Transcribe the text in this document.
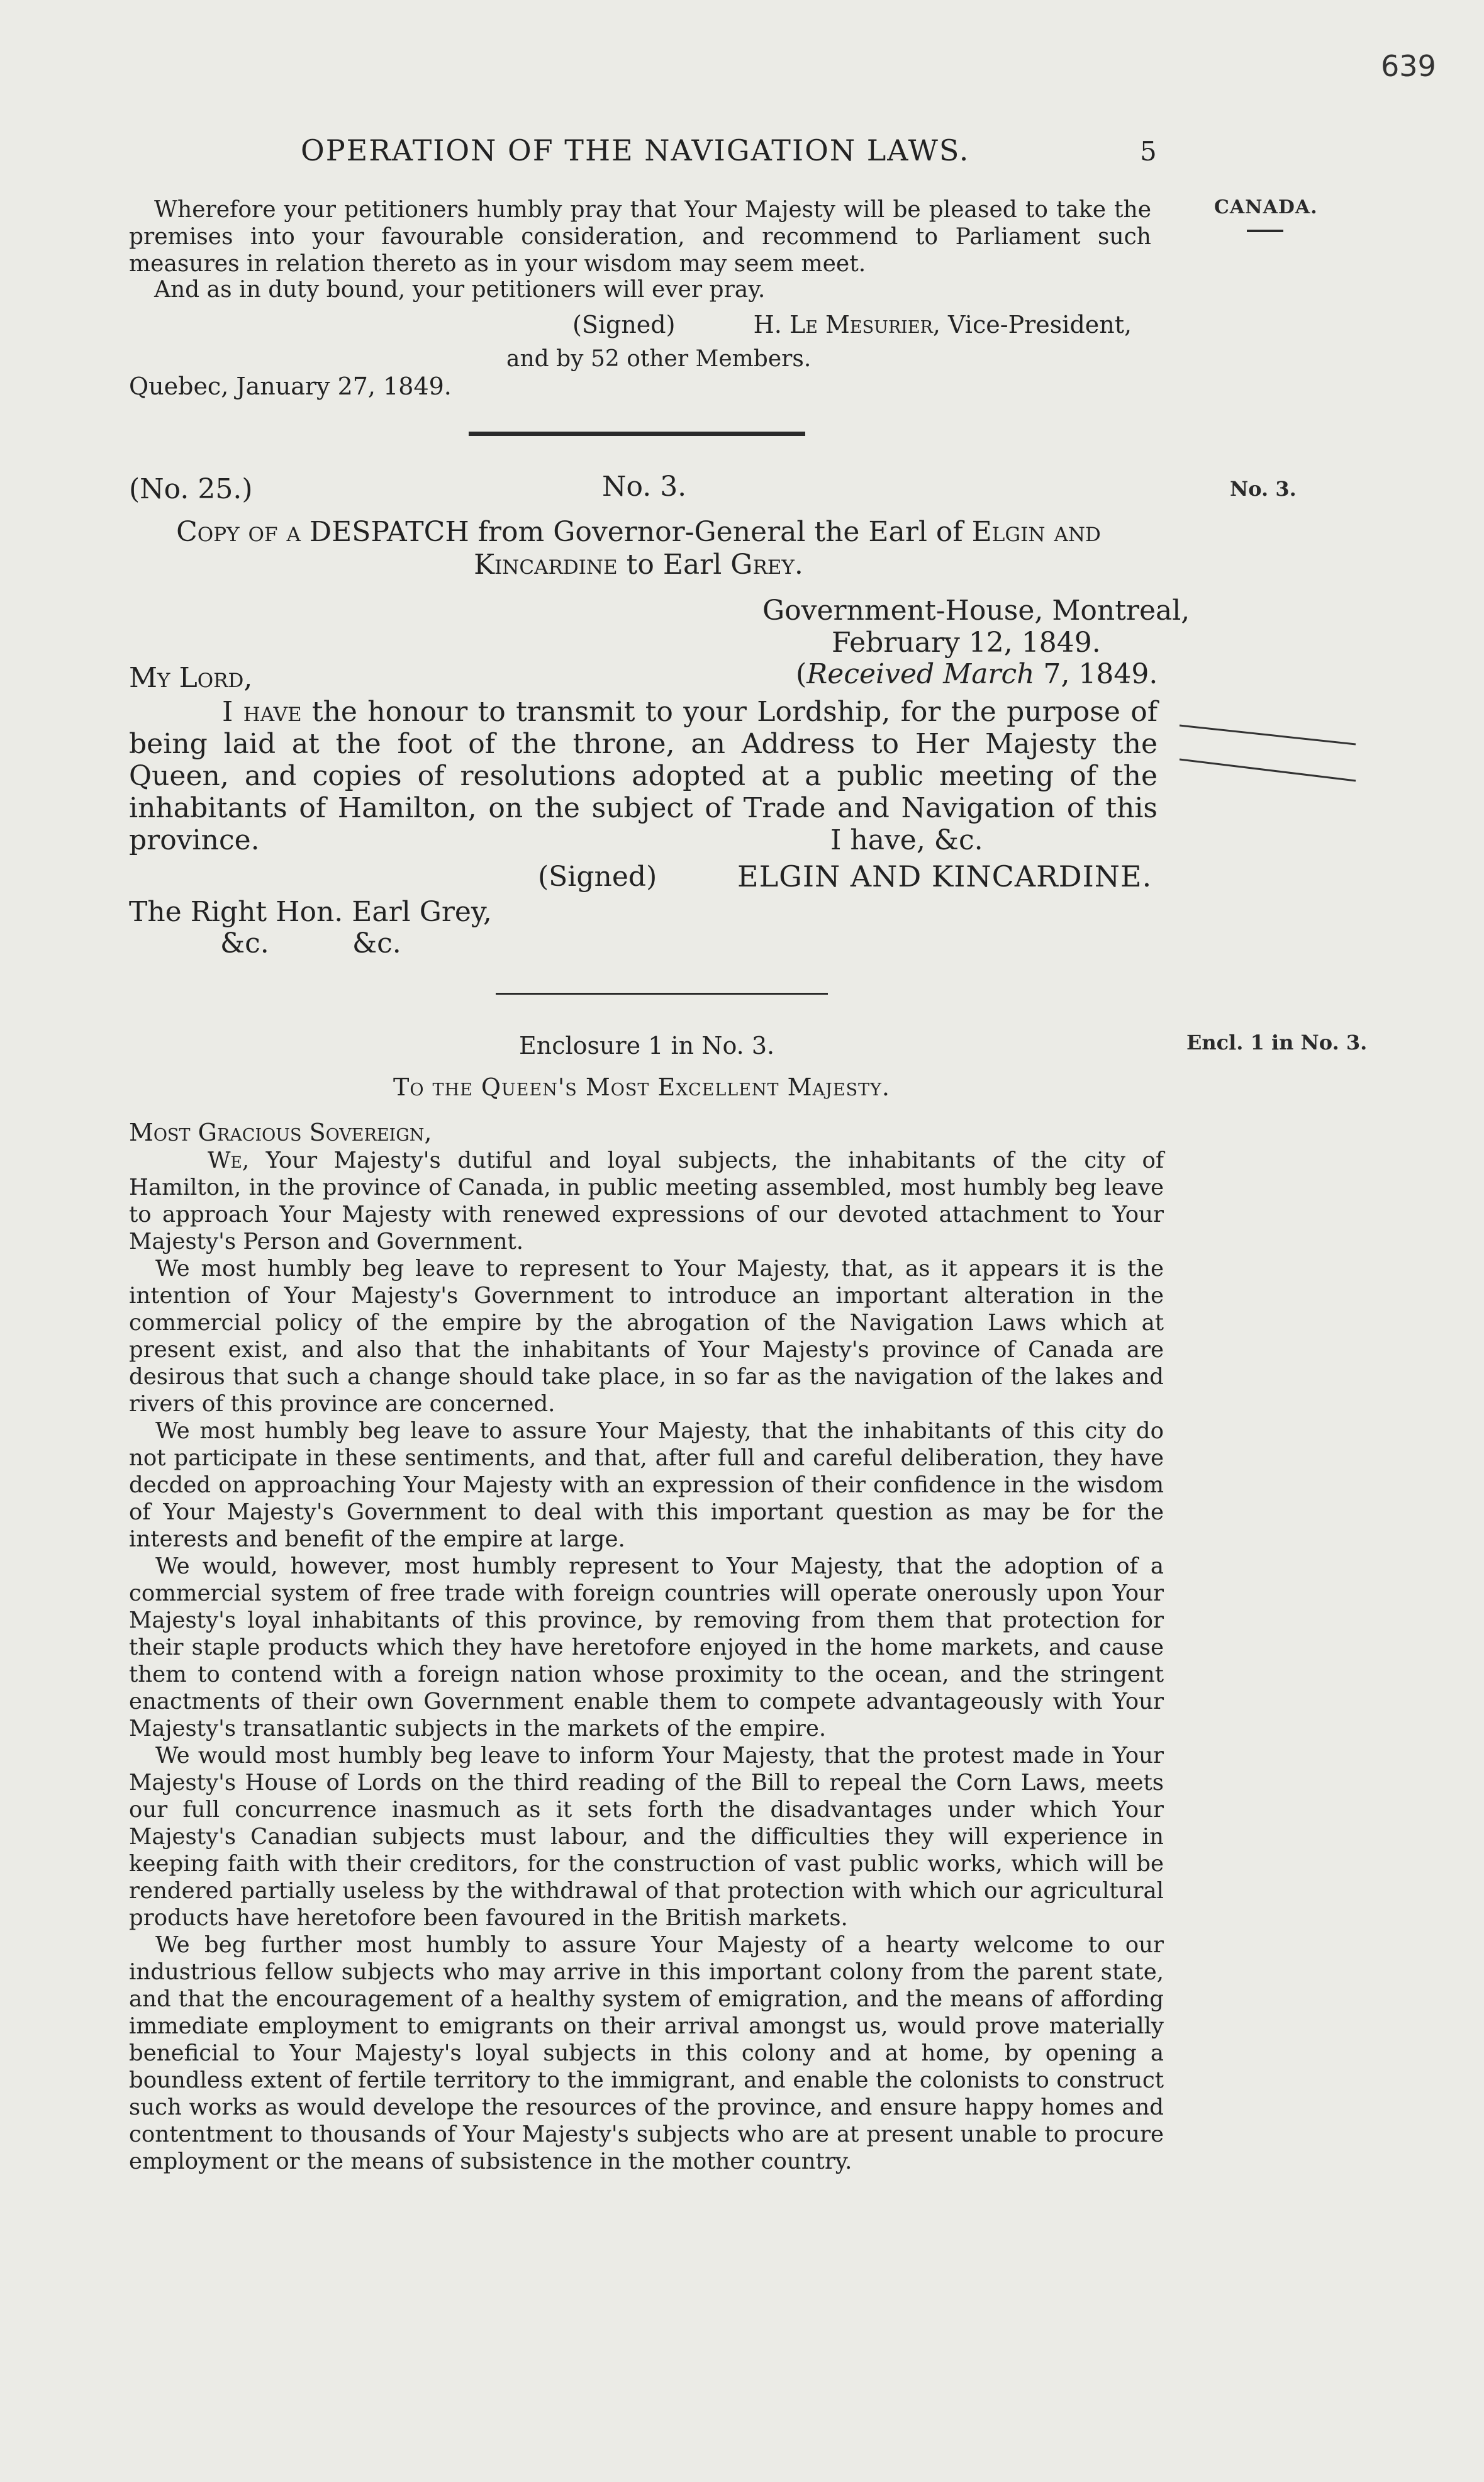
639
OPERATION OF THE NAVIGATION LAWS.	5
CANADA.
No. 3.
Encl. 1 in No. 3.
Wherefore your petitioners humbly pray that Your Majesty will be pleased to take the premises into your favourable consideration, and recommend to Parliament such measures in relation thereto as in your wisdom may seem meet.
And as in duty bound, your petitioners will ever pray.
(Signed)	H. Le Mesurier, Vice-President,
and by 52 other Members.
Quebec, January 27, 1849.
(No. 25.)	No. 3.
Copy of a DESPATCH from Governor-General the Earl of Elgin and
Kincardine to Earl Grey.
Government-House, Montreal,
February 12, 1849.
(Received March 7, 1849.
My Lord,
I have the honour to transmit to your Lordship, for the purpose of being laid at the foot of the throne, an Address to Her Majesty the Queen, and copies of resolutions adopted at a public meeting of the inhabitants of Hamilton, on the subject of Trade and Navigation of this province.	I have, &c.
(Signed)	ELGIN AND KINCARDINE.
The Right Hon. Earl Grey,
&c.	&c.
Enclosure 1 in No. 3.
To the Queen's Most Excellent Majesty.
Most Gracious Sovereign,

We, Your Majesty's dutiful and loyal subjects, the inhabitants of the city of Hamilton, in the province of Canada, in public meeting assembled, most humbly beg leave to approach Your Majesty with renewed expressions of our devoted attachment to Your Majesty's Person and Government.

We most humbly beg leave to represent to Your Majesty, that, as it appears it is the intention of Your Majesty's Government to introduce an important alteration in the commercial policy of the empire by the abrogation of the Navigation Laws which at present exist, and also that the inhabitants of Your Majesty's province of Canada are desirous that such a change should take place, in so far as the navigation of the lakes and rivers of this province are concerned.

We most humbly beg leave to assure Your Majesty, that the inhabitants of this city do not participate in these sentiments, and that, after full and careful deliberation, they have decded on approaching Your Majesty with an expression of their confidence in the wisdom of Your Majesty's Government to deal with this important question as may be for the interests and benefit of the empire at large.

We would, however, most humbly represent to Your Majesty, that the adoption of a commercial system of free trade with foreign countries will operate onerously upon Your Majesty's loyal inhabitants of this province, by removing from them that protection for their staple products which they have heretofore enjoyed in the home markets, and cause them to contend with a foreign nation whose proximity to the ocean, and the stringent enactments of their own Government enable them to compete advantageously with Your Majesty's transatlantic subjects in the markets of the empire.

We would most humbly beg leave to inform Your Majesty, that the protest made in Your Majesty's House of Lords on the third reading of the Bill to repeal the Corn Laws, meets our full concurrence inasmuch as it sets forth the disadvantages under which Your Majesty's Canadian subjects must labour, and the difficulties they will experience in keeping faith with their creditors, for the construction of vast public works, which will be rendered partially useless by the withdrawal of that protection with which our agricultural products have heretofore been favoured in the British markets.

We beg further most humbly to assure Your Majesty of a hearty welcome to our industrious fellow subjects who may arrive in this important colony from the parent state, and that the encouragement of a healthy system of emigration, and the means of affording immediate employment to emigrants on their arrival amongst us, would prove materially beneficial to Your Majesty's loyal subjects in this colony and at home, by opening a boundless extent of fertile territory to the immigrant, and enable the colonists to construct such works as would develope the resources of the province, and ensure happy homes and contentment to thousands of Your Majesty's subjects who are at present unable to procure employment or the means of subsistence in the mother country.
